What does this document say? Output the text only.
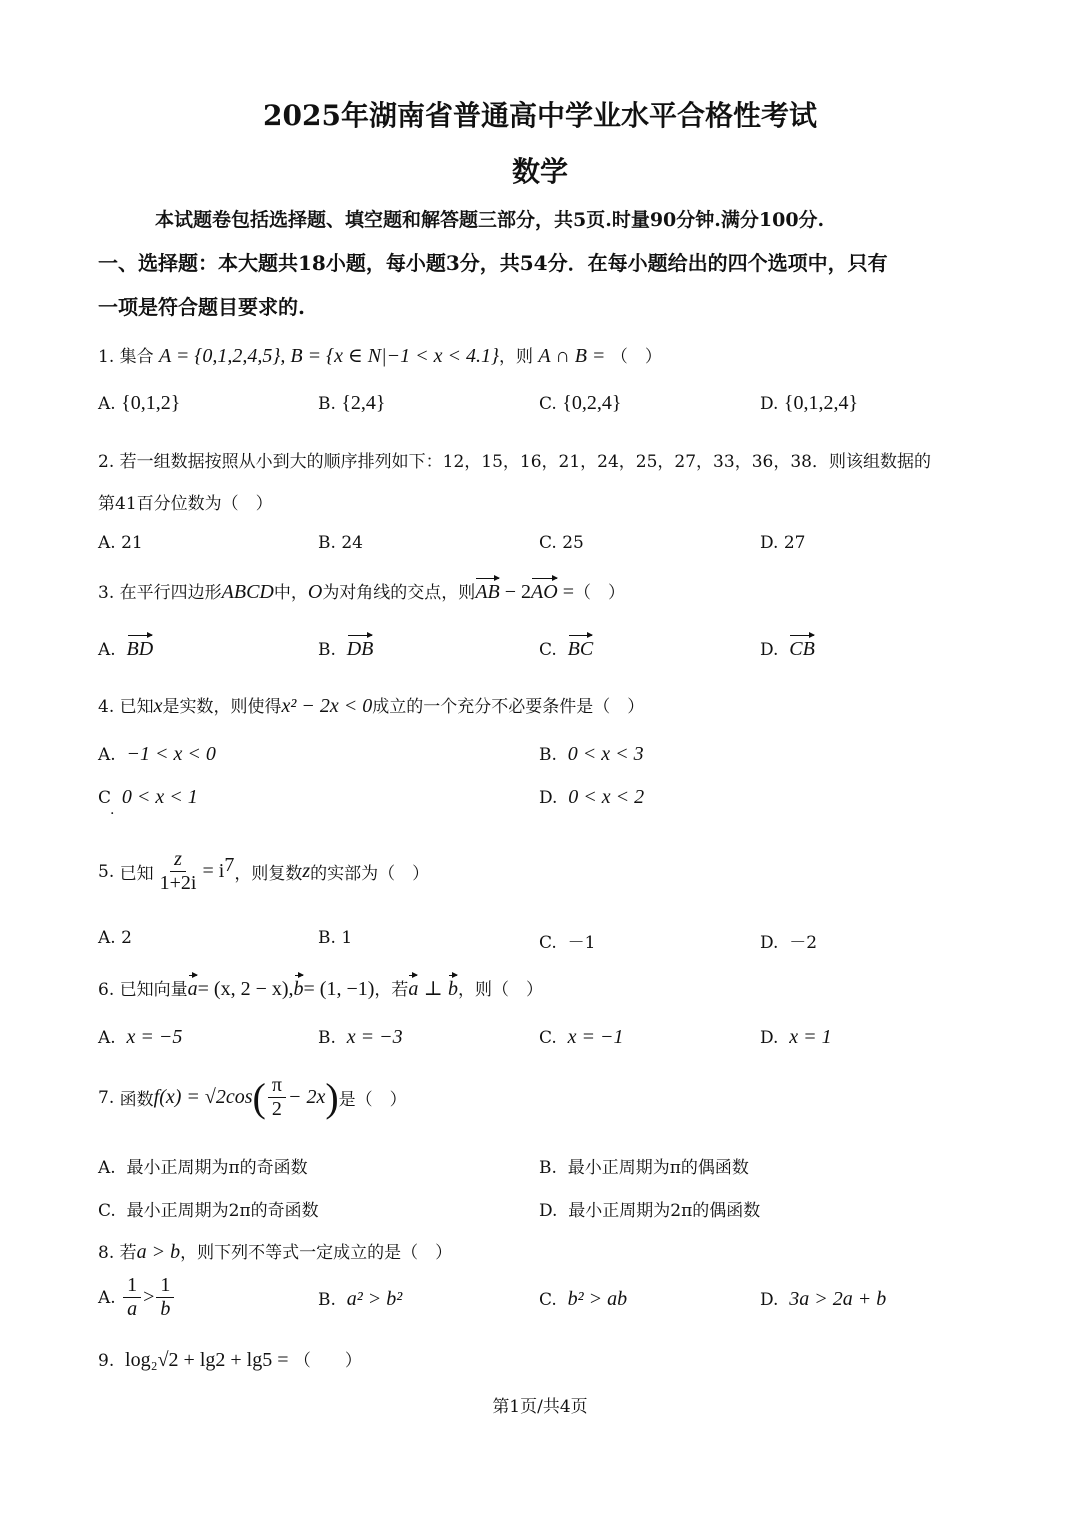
2025年湖南省普通高中学业水平合格性考试
数学
本试题卷包括选择题、填空题和解答题三部分，共5页.时量90分钟.满分100分.
一、选择题：本大题共18小题，每小题3分，共54分．在每小题给出的四个选项中，只有
一项是符合题目要求的.
1. 集合 A = {0,1,2,4,5}, B = {x ∈ N|−1 < x < 4.1}，则 A ∩ B = （　）
A. {0,1,2}	B. {2,4}	C. {0,2,4}	D. {0,1,2,4}
2. 若一组数据按照从小到大的顺序排列如下：12，15，16，21，24，25，27，33，36，38．则该组数据的
第41百分位数为（　）
A. 21	B. 24	C. 25	D. 27
3. 在平行四边形ABCD中，O为对角线的交点，则AB − 2AO =（　）
A. BD	B. DB	C. BC	D. CB
4. 已知x是实数，则使得x² − 2x < 0成立的一个充分不必要条件是（　）
A. −1 < x < 0	B. 0 < x < 3
C 0 < x < 1
.
D. 0 < x < 2
5.
已知 $\frac{z}{1+2i} = i$ 7 ，则复数 z 的实部为（　）
A. 2	B. 1	C. －1	D. －2
6. 已知向量a= (x, 2 − x),b= (1, −1)，若a ⊥ b，则（　）
A. x = −5	B. x = −3	C. x = −1	D. x = 1
7.
函数 f(x) = √2cos ( $\frac{\pi}{2} - 2x$ ) 是（　）
A. 最小正周期为π的奇函数	B. 最小正周期为π的偶函数
C. 最小正周期为2π的奇函数	D. 最小正周期为2π的偶函数
8. 若a > b，则下列不等式一定成立的是（　）
A.
$\frac{1}{a} > \frac{1}{b}$	B. a² > b²	C. b² > ab	D. 3a > 2a + b
9. log₂√2 + lg2 + lg5 = （　　）
第1页/共4页
